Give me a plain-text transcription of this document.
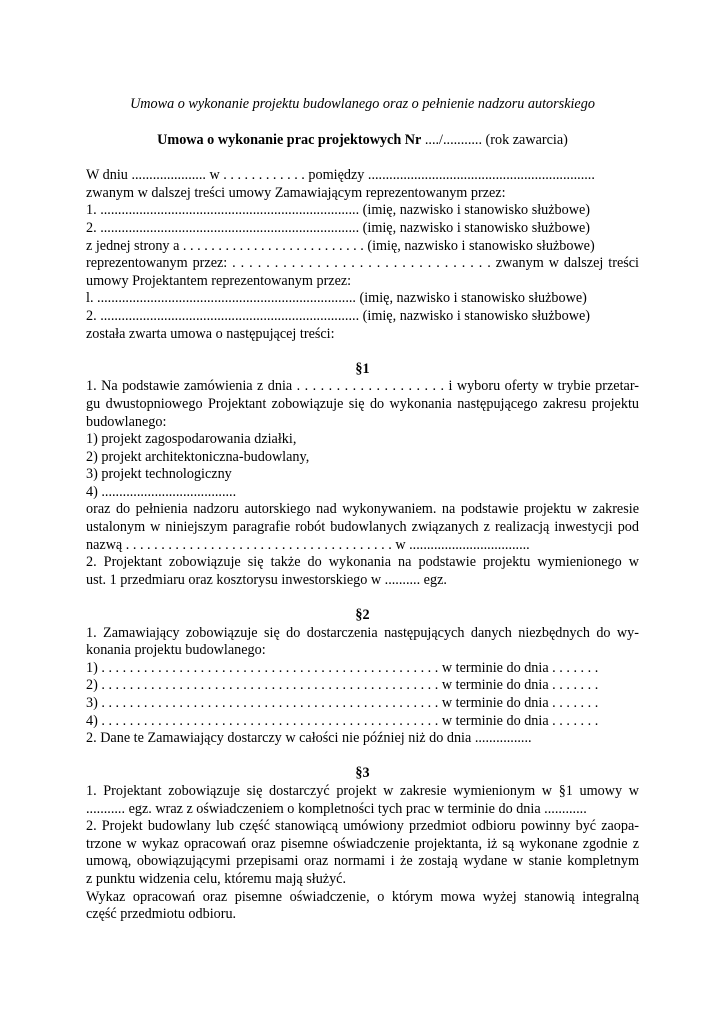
Umowa o wykonanie projektu budowlanego oraz o pełnienie nadzoru autorskiego
Umowa o wykonanie prac projektowych Nr ..../........... (rok zawarcia)
W dniu ..................... w . . . . . . . . . . . . pomiędzy ................................................................
zwanym w dalszej treści umowy Zamawiającym reprezentowanym przez:
1. ......................................................................... (imię, nazwisko i stanowisko służbowe)
2. ......................................................................... (imię, nazwisko i stanowisko służbowe)
z jednej strony a . . . . . . . . . . . . . . . . . . . . . . . . . . (imię, nazwisko i stanowisko służbowe)
reprezentowanym przez: . . . . . . . . . . . . . . . . . . . . . . . . . . . . . . . zwanym w dalszej treści
umowy Projektantem reprezentowanym przez:
l. ......................................................................... (imię, nazwisko i stanowisko służbowe)
2. ......................................................................... (imię, nazwisko i stanowisko służbowe)
została zwarta umowa o następującej treści:
§1
1. Na podstawie zamówienia z dnia . . . . . . . . . . . . . . . . . . . i wyboru oferty w trybie przetar-
gu dwustopniowego Projektant zobowiązuje się do wykonania następującego zakresu projektu
budowlanego:
1) projekt zagospodarowania działki,
2) projekt architektoniczna-budowlany,
3) projekt technologiczny
4) ......................................
oraz do pełnienia nadzoru autorskiego nad wykonywaniem. na podstawie projektu w zakresie
ustalonym w niniejszym paragrafie robót budowlanych związanych z realizacją inwestycji pod
nazwą . . . . . . . . . . . . . . . . . . . . . . . . . . . . . . . . . . . . . . w ..................................
2. Projektant zobowiązuje się także do wykonania na podstawie projektu wymienionego w
ust. 1 przedmiaru oraz kosztorysu inwestorskiego w .......... egz.
§2
1. Zamawiający zobowiązuje się do dostarczenia następujących danych niezbędnych do wy-
konania projektu budowlanego:
1) . . . . . . . . . . . . . . . . . . . . . . . . . . . . . . . . . . . . . . . . . . . . . . . . w terminie do dnia . . . . . . .
2) . . . . . . . . . . . . . . . . . . . . . . . . . . . . . . . . . . . . . . . . . . . . . . . . w terminie do dnia . . . . . . .
3) . . . . . . . . . . . . . . . . . . . . . . . . . . . . . . . . . . . . . . . . . . . . . . . . w terminie do dnia . . . . . . .
4) . . . . . . . . . . . . . . . . . . . . . . . . . . . . . . . . . . . . . . . . . . . . . . . . w terminie do dnia . . . . . . .
2. Dane te Zamawiający dostarczy w całości nie później niż do dnia ................
§3
1. Projektant zobowiązuje się dostarczyć projekt w zakresie wymienionym w §1 umowy w
........... egz. wraz z oświadczeniem o kompletności tych prac w terminie do dnia ............
2. Projekt budowlany lub część stanowiącą umówiony przedmiot odbioru powinny być zaopa-
trzone w wykaz opracowań oraz pisemne oświadczenie projektanta, iż są wykonane zgodnie z
umową, obowiązującymi przepisami oraz normami i że zostają wydane w stanie kompletnym
z punktu widzenia celu, któremu mają służyć.
Wykaz opracowań oraz pisemne oświadczenie, o którym mowa wyżej stanowią integralną
część przedmiotu odbioru.
